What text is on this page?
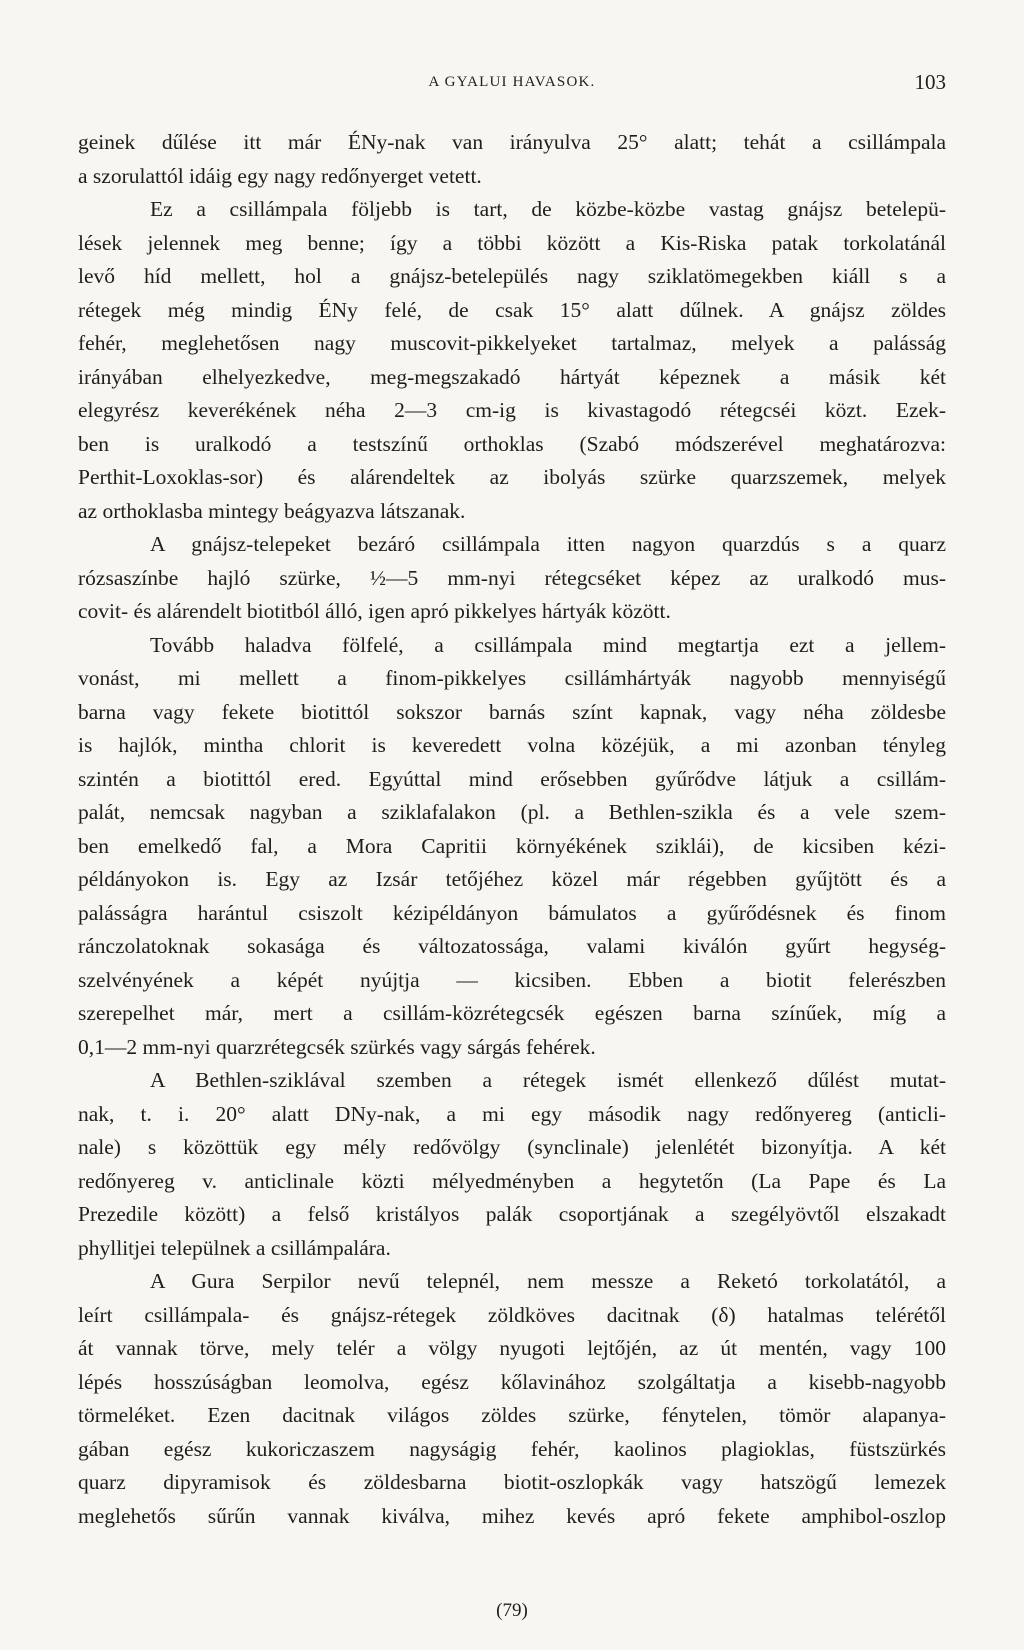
A GYALUI HAVASOK.	103
geinek dűlése itt már ÉNy-nak van irányulva 25° alatt; tehát a csillámpala
a szorulattól idáig egy nagy redőnyerget vetett.
Ez a csillámpala följebb is tart, de közbe-közbe vastag gnájsz betelepü-
lések jelennek meg benne; így a többi között a Kis-Riska patak torkolatánál
levő híd mellett, hol a gnájsz-betelepülés nagy sziklatömegekben kiáll s a
rétegek még mindig ÉNy felé, de csak 15° alatt dűlnek. A gnájsz zöldes
fehér, meglehetősen nagy muscovit-pikkelyeket tartalmaz, melyek a palásság
irányában elhelyezkedve, meg-megszakadó hártyát képeznek a másik két
elegyrész keverékének néha 2—3 cm-ig is kivastagodó rétegcséi közt. Ezek-
ben is uralkodó a testszínű orthoklas (Szabó módszerével meghatározva:
Perthit-Loxoklas-sor) és alárendeltek az ibolyás szürke quarzszemek, melyek
az orthoklasba mintegy beágyazva látszanak.
A gnájsz-telepeket bezáró csillámpala itten nagyon quarzdús s a quarz
rózsaszínbe hajló szürke, ½—5 mm-nyi rétegcséket képez az uralkodó mus-
covit- és alárendelt biotitból álló, igen apró pikkelyes hártyák között.
Tovább haladva fölfelé, a csillámpala mind megtartja ezt a jellem-
vonást, mi mellett a finom-pikkelyes csillámhártyák nagyobb mennyiségű
barna vagy fekete biotittól sokszor barnás színt kapnak, vagy néha zöldesbe
is hajlók, mintha chlorit is keveredett volna közéjük, a mi azonban tényleg
szintén a biotittól ered. Egyúttal mind erősebben gyűrődve látjuk a csillám-
palát, nemcsak nagyban a sziklafalakon (pl. a Bethlen-szikla és a vele szem-
ben emelkedő fal, a Mora Capritii környékének sziklái), de kicsiben kézi-
példányokon is. Egy az Izsár tetőjéhez közel már régebben gyűjtött és a
palásságra harántul csiszolt kézipéldányon bámulatos a gyűrődésnek és finom
ránczolatoknak sokasága és változatossága, valami kiválón gyűrt hegység-
szelvényének a képét nyújtja — kicsiben. Ebben a biotit felerészben
szerepelhet már, mert a csillám-közrétegcsék egészen barna színűek, míg a
0,1—2 mm-nyi quarzrétegcsék szürkés vagy sárgás fehérek.
A Bethlen-sziklával szemben a rétegek ismét ellenkező dűlést mutat-
nak, t. i. 20° alatt DNy-nak, a mi egy második nagy redőnyereg (anticli-
nale) s közöttük egy mély redővölgy (synclinale) jelenlétét bizonyítja. A két
redőnyereg v. anticlinale közti mélyedményben a hegytetőn (La Pape és La
Prezedile között) a felső kristályos palák csoportjának a szegélyövtől elszakadt
phyllitjei települnek a csillámpalára.
A Gura Serpilor nevű telepnél, nem messze a Reketó torkolatától, a
leírt csillámpala- és gnájsz-rétegek zöldköves dacitnak (δ) hatalmas telérétől
át vannak törve, mely telér a völgy nyugoti lejtőjén, az út mentén, vagy 100
lépés hosszúságban leomolva, egész kőlavinához szolgáltatja a kisebb-nagyobb
törmeléket. Ezen dacitnak világos zöldes szürke, fénytelen, tömör alapanya-
gában egész kukoriczaszem nagyságig fehér, kaolinos plagioklas, füstszürkés
quarz dipyramisok és zöldesbarna biotit-oszlopkák vagy hatszögű lemezek
meglehetős sűrűn vannak kiválva, mihez kevés apró fekete amphibol-oszlop
(79)
